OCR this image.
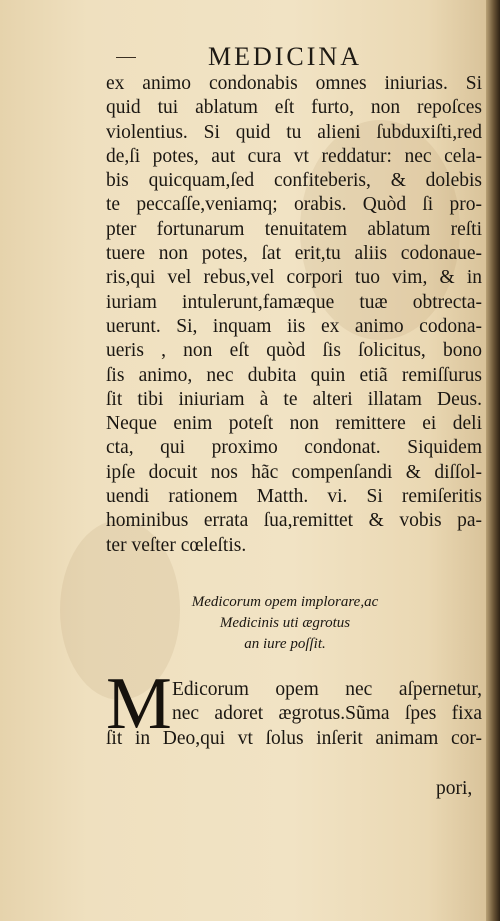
MEDICINA
ex animo condonabis omnes iniurias. Si
quid tui ablatum eſt furto, non repoſces
violentius. Si quid tu alieni ſubduxiſti,red
de,ſi potes, aut cura vt reddatur: nec cela-
bis quicquam,ſed confiteberis, & dolebis
te peccaſſe,veniamq; orabis. Quòd ſi pro-
pter fortunarum tenuitatem ablatum reſti
tuere non potes, ſat erit,tu aliis codonaue-
ris,qui vel rebus,vel corpori tuo vim, & in
iuriam intulerunt,famæque tuæ obtrecta-
uerunt. Si, inquam iis ex animo codona-
ueris , non eſt quòd ſis ſolicitus, bono
ſis animo, nec dubita quin etiã remiſſurus
ſit tibi iniuriam à te alteri illatam Deus.
Neque enim poteſt non remittere ei deli
cta, qui proximo condonat. Siquidem
ipſe docuit nos hãc compenſandi & diſſol-
uendi rationem Matth. vi. Si remiſeritis
hominibus errata ſua,remittet & vobis pa-
ter veſter cœleſtis.
Medicorum opem implorare,ac
Medicinis uti ægrotus
an iure poſſit.
M Edicorum opem nec aſpernetur,
nec adoret ægrotus.Sũma ſpes fixa
ſit in Deo,qui vt ſolus inſerit animam cor-
pori,
